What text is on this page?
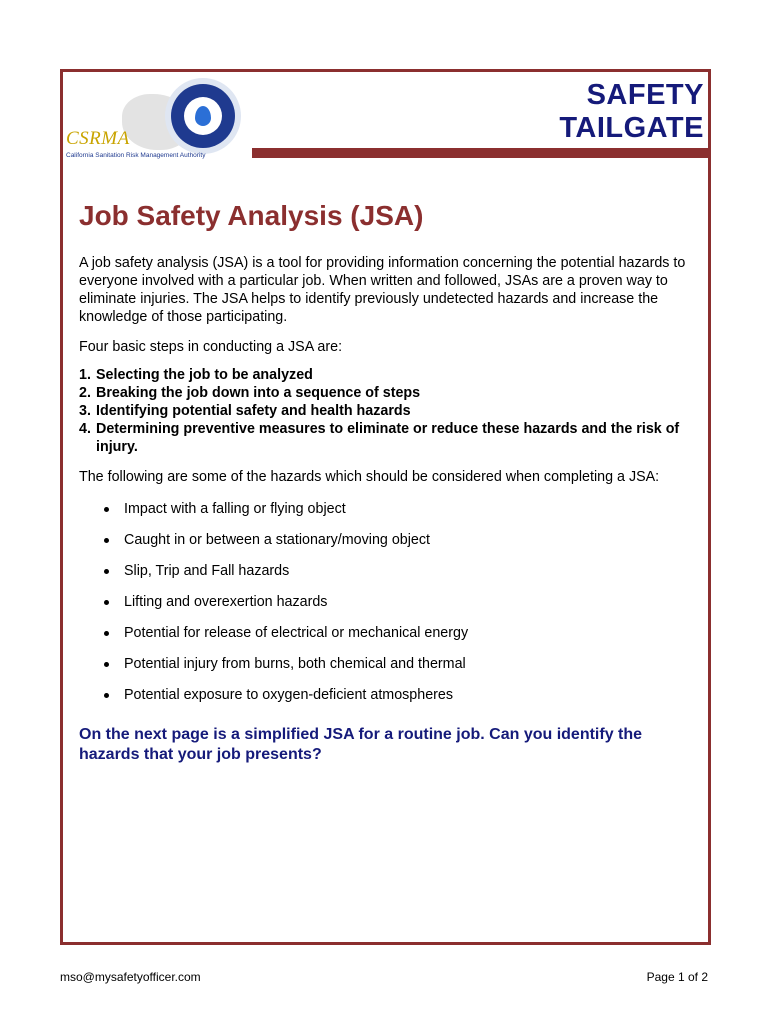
CSRMA
California Sanitation Risk Management Authority
SAFETY
TAILGATE
Job Safety Analysis (JSA)

A job safety analysis (JSA) is a tool for providing information concerning the potential hazards to everyone involved with a particular job. When written and followed, JSAs are a proven way to eliminate injuries. The JSA helps to identify previously undetected hazards and increase the knowledge of those participating.

Four basic steps in conducting a JSA are:

1. Selecting the job to be analyzed
2. Breaking the job down into a sequence of steps
3. Identifying potential safety and health hazards
4. Determining preventive measures to eliminate or reduce these hazards and the risk of injury.

The following are some of the hazards which should be considered when completing a JSA:

Impact with a falling or flying object
Caught in or between a stationary/moving object
Slip, Trip and Fall hazards
Lifting and overexertion hazards
Potential for release of electrical or mechanical energy
Potential injury from burns, both chemical and thermal
Potential exposure to oxygen-deficient atmospheres

On the next page is a simplified JSA for a routine job. Can you identify the hazards that your job presents?

mso@mysafetyofficer.com	Page 1 of 2
